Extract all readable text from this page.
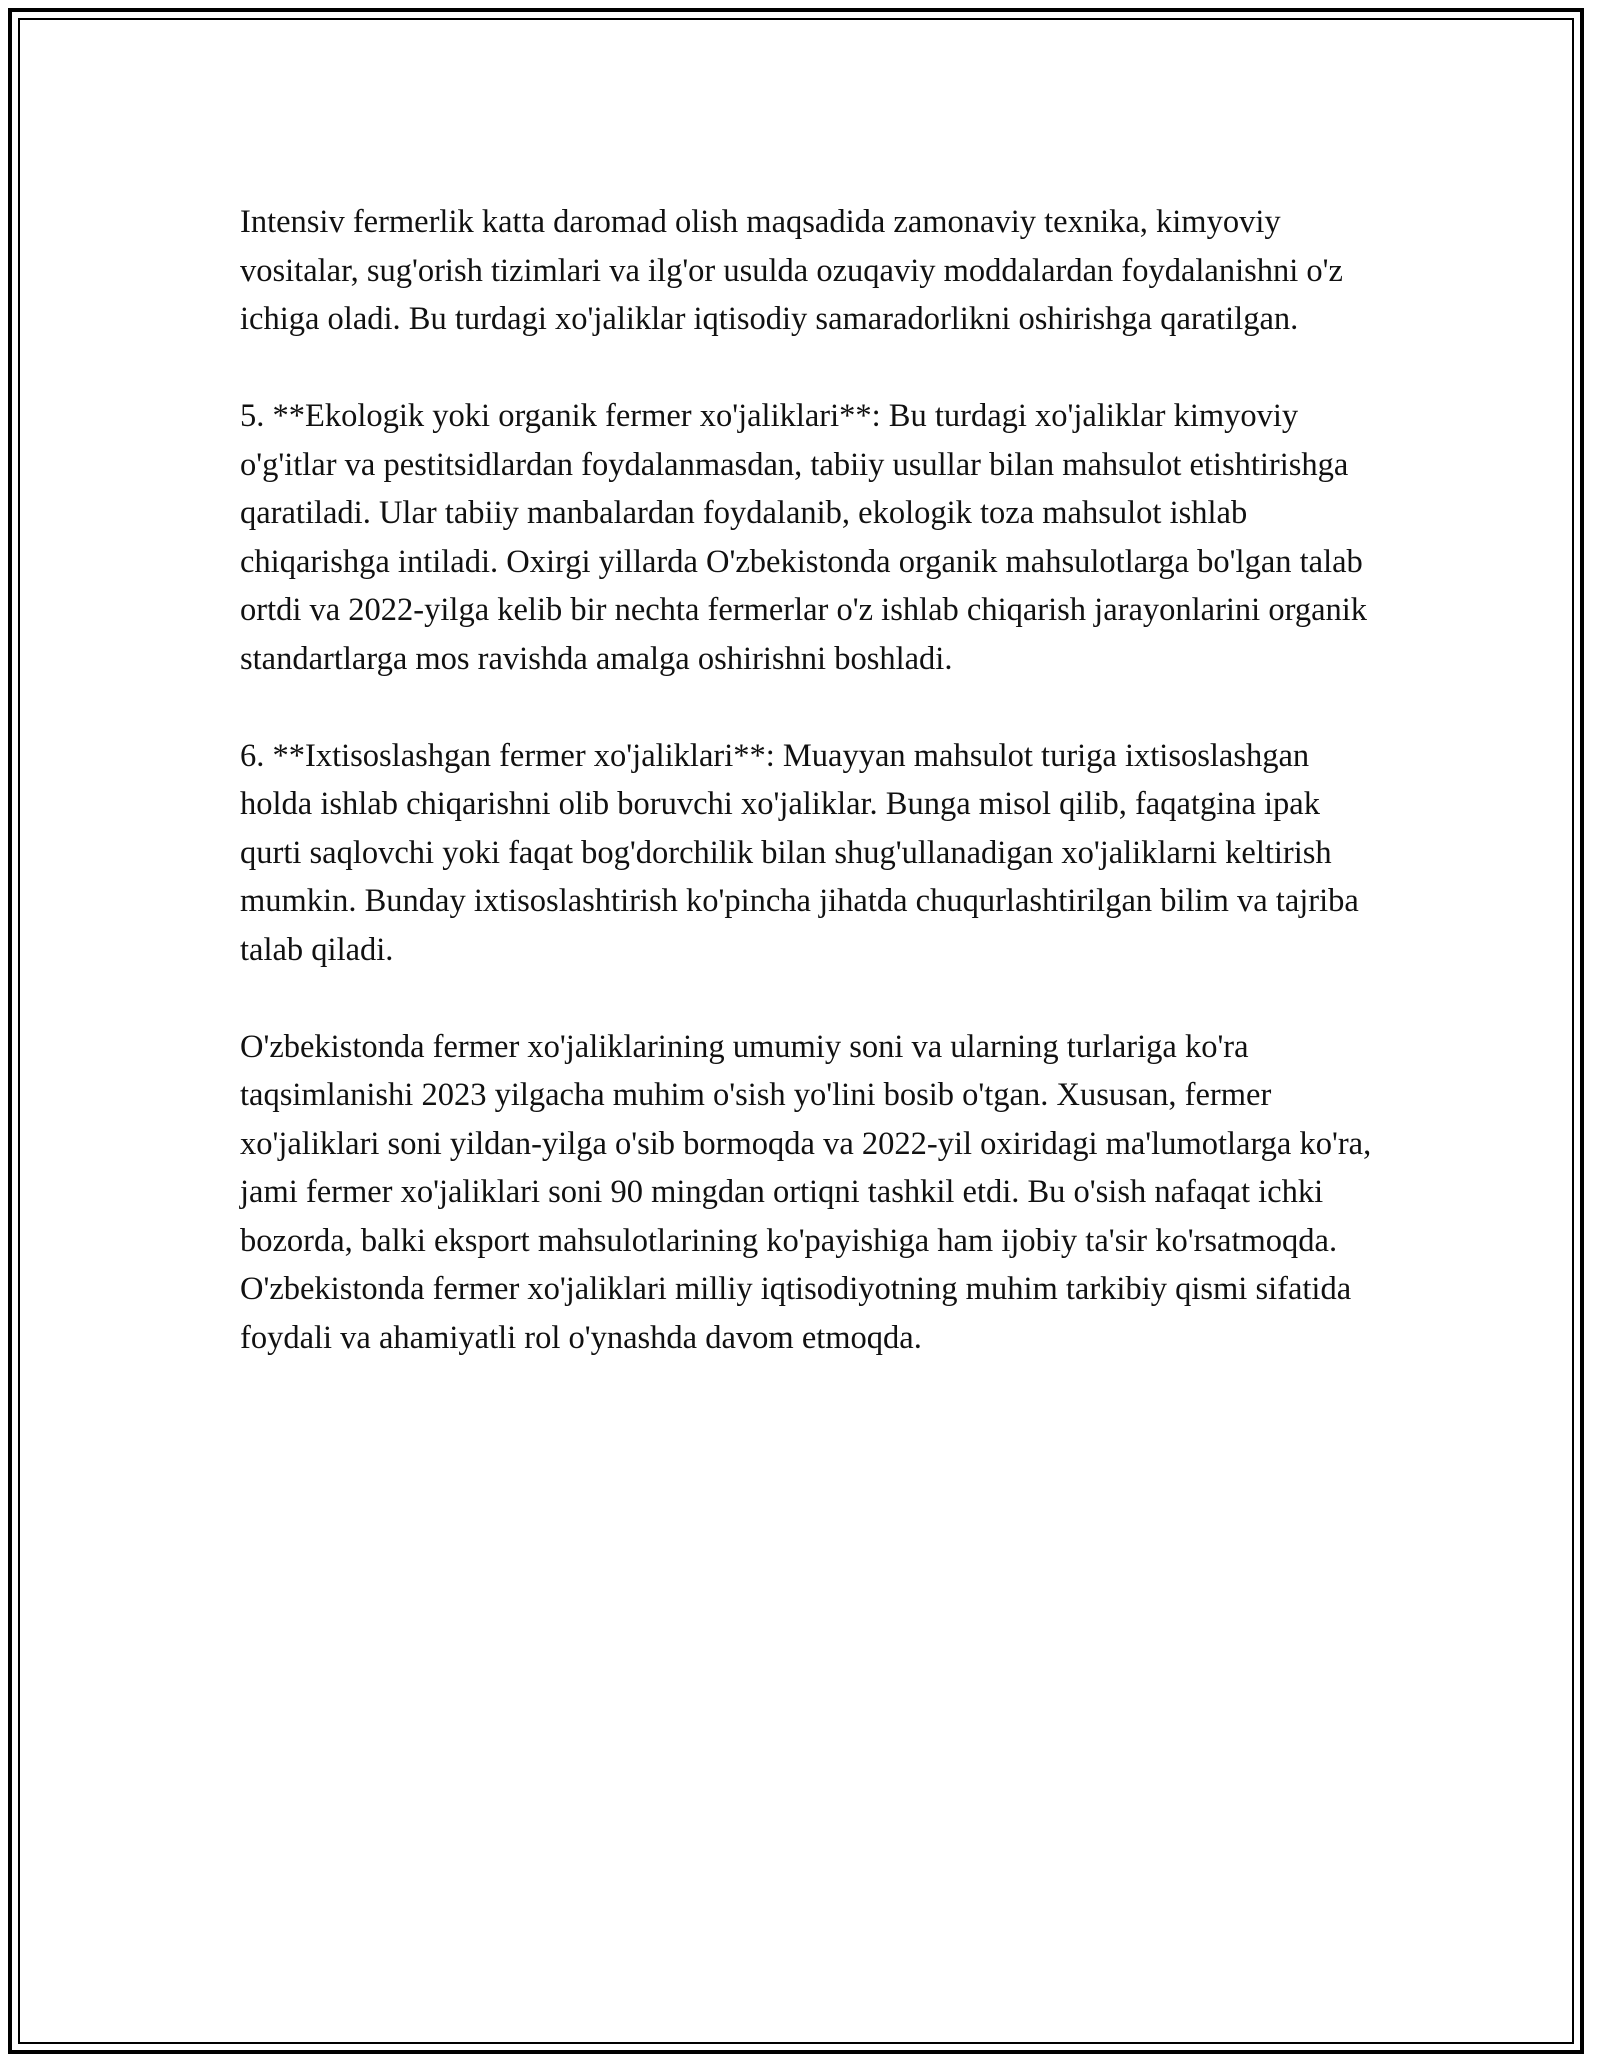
Intensiv fermerlik katta daromad olish maqsadida zamonaviy texnika, kimyoviy vositalar, sug'orish tizimlari va ilg'or usulda ozuqaviy moddalardan foydalanishni o'z ichiga oladi. Bu turdagi xo'jaliklar iqtisodiy samaradorlikni oshirishga qaratilgan.

5. **Ekologik yoki organik fermer xo'jaliklari**: Bu turdagi xo'jaliklar kimyoviy o'g'itlar va pestitsidlardan foydalanmasdan, tabiiy usullar bilan mahsulot etishtirishga qaratiladi. Ular tabiiy manbalardan foydalanib, ekologik toza mahsulot ishlab chiqarishga intiladi. Oxirgi yillarda O'zbekistonda organik mahsulotlarga bo'lgan talab ortdi va 2022-yilga kelib bir nechta fermerlar o'z ishlab chiqarish jarayonlarini organik standartlarga mos ravishda amalga oshirishni boshladi.

6. **Ixtisoslashgan fermer xo'jaliklari**: Muayyan mahsulot turiga ixtisoslashgan holda ishlab chiqarishni olib boruvchi xo'jaliklar. Bunga misol qilib, faqatgina ipak qurti saqlovchi yoki faqat bog'dorchilik bilan shug'ullanadigan xo'jaliklarni keltirish mumkin. Bunday ixtisoslashtirish ko'pincha jihatda chuqurlashtirilgan bilim va tajriba talab qiladi.

O'zbekistonda fermer xo'jaliklarining umumiy soni va ularning turlariga ko'ra taqsimlanishi 2023 yilgacha muhim o'sish yo'lini bosib o'tgan. Xususan, fermer xo'jaliklari soni yildan-yilga o'sib bormoqda va 2022-yil oxiridagi ma'lumotlarga ko'ra, jami fermer xo'jaliklari soni 90 mingdan ortiqni tashkil etdi. Bu o'sish nafaqat ichki bozorda, balki eksport mahsulotlarining ko'payishiga ham ijobiy ta'sir ko'rsatmoqda. O'zbekistonda fermer xo'jaliklari milliy iqtisodiyotning muhim tarkibiy qismi sifatida foydali va ahamiyatli rol o'ynashda davom etmoqda.
